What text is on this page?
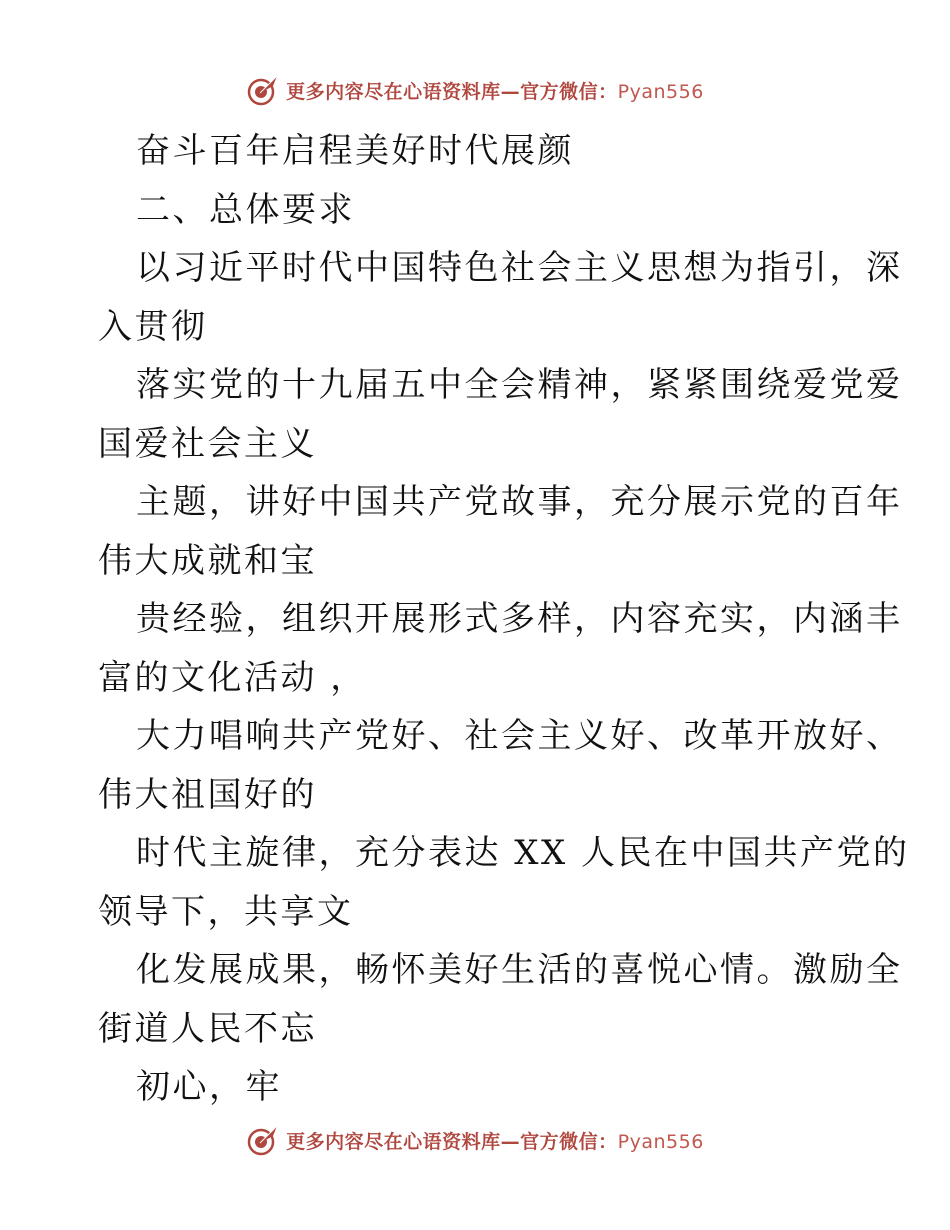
更多内容尽在心语资料库—官方微信：Pyan556
奋斗百年启程美好时代展颜
二、总体要求
以习近平时代中国特色社会主义思想为指引，深
入贯彻
落实党的十九届五中全会精神，紧紧围绕爱党爱
国爱社会主义
主题，讲好中国共产党故事，充分展示党的百年
伟大成就和宝
贵经验，组织开展形式多样，内容充实，内涵丰
富的文化活动 ，
大力唱响共产党好、社会主义好、改革开放好、
伟大祖国好的
时代主旋律，充分表达 XX 人民在中国共产党的
领导下，共享文
化发展成果，畅怀美好生活的喜悦心情。激励全
街道人民不忘
初心，牢
更多内容尽在心语资料库—官方微信：Pyan556
